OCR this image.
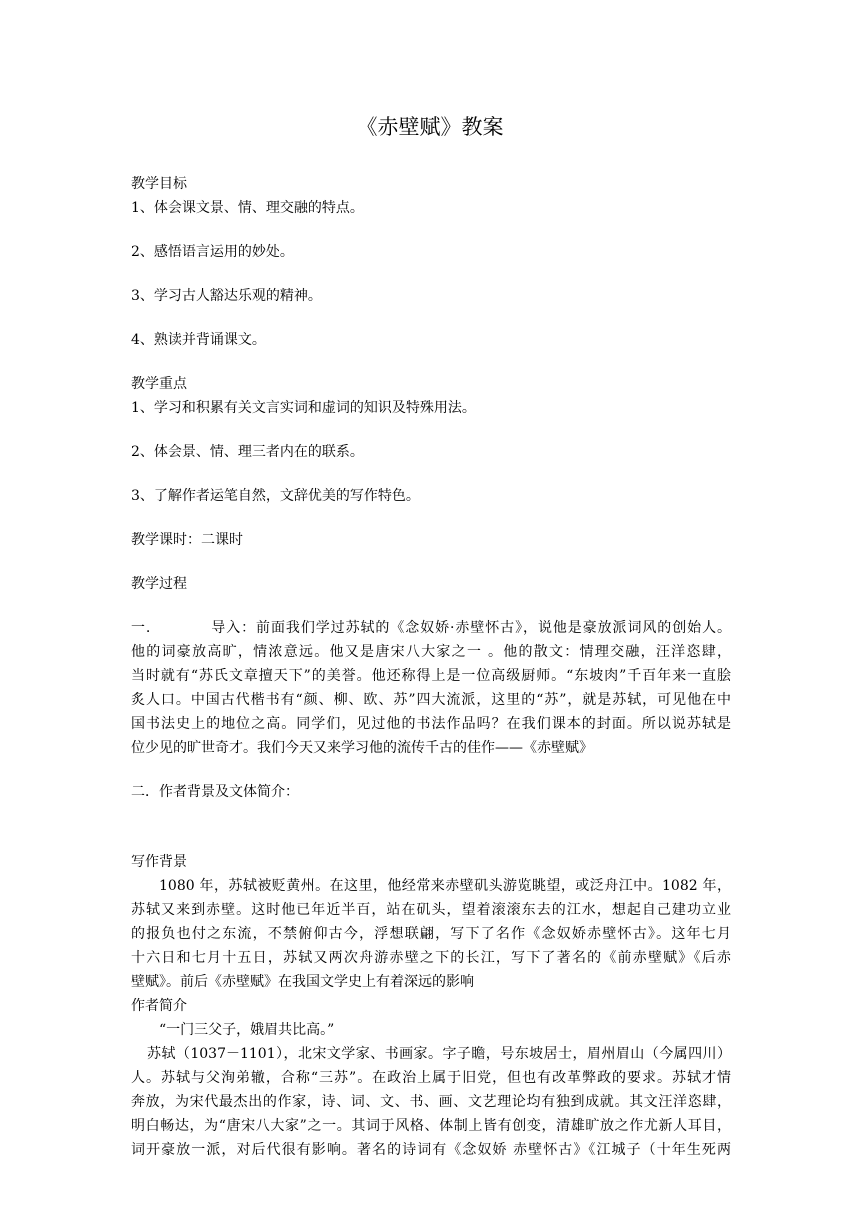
《赤壁赋》教案
教学目标
1、体会课文景、情、理交融的特点。
2、感悟语言运用的妙处。
3、学习古人豁达乐观的精神。
4、熟读并背诵课文。
教学重点
1、学习和积累有关文言实词和虚词的知识及特殊用法。
2、体会景、情、理三者内在的联系。
3、了解作者运笔自然，文辞优美的写作特色。
教学课时：二课时
教学过程
一.	导入：前面我们学过苏轼的《念奴娇·赤壁怀古》，说他是豪放派词风的创始人。
他的词豪放高旷，情浓意远。他又是唐宋八大家之一 。他的散文：情理交融，汪洋恣肆，
当时就有“苏氏文章擅天下”的美誉。他还称得上是一位高级厨师。“东坡肉”千百年来一直脍
炙人口。中国古代楷书有“颜、柳、欧、苏”四大流派，这里的“苏”，就是苏轼，可见他在中
国书法史上的地位之高。同学们，见过他的书法作品吗？在我们课本的封面。所以说苏轼是
位少见的旷世奇才。我们今天又来学习他的流传千古的佳作——《赤壁赋》
二．作者背景及文体简介：
写作背景
1080 年，苏轼被贬黄州。在这里，他经常来赤壁矶头游览眺望，或泛舟江中。1082 年，
苏轼又来到赤壁。这时他已年近半百，站在矶头，望着滚滚东去的江水，想起自己建功立业
的报负也付之东流，不禁俯仰古今，浮想联翩，写下了名作《念奴娇赤壁怀古》。这年七月
十六日和七月十五日，苏轼又两次舟游赤壁之下的长江，写下了著名的《前赤壁赋》《后赤
壁赋》。前后《赤壁赋》在我国文学史上有着深远的影响
作者简介
“一门三父子，娥眉共比高。”
苏轼（1037－1101），北宋文学家、书画家。字子瞻，号东坡居士，眉州眉山（今属四川）
人。苏轼与父洵弟辙，合称“三苏”。在政治上属于旧党，但也有改革弊政的要求。苏轼才情
奔放，为宋代最杰出的作家，诗、词、文、书、画、文艺理论均有独到成就。其文汪洋恣肆，
明白畅达，为“唐宋八大家”之一。其词于风格、体制上皆有创变，清雄旷放之作尤新人耳目，
词开豪放一派，对后代很有影响。著名的诗词有《念奴娇 赤壁怀古》《江城子（十年生死两
